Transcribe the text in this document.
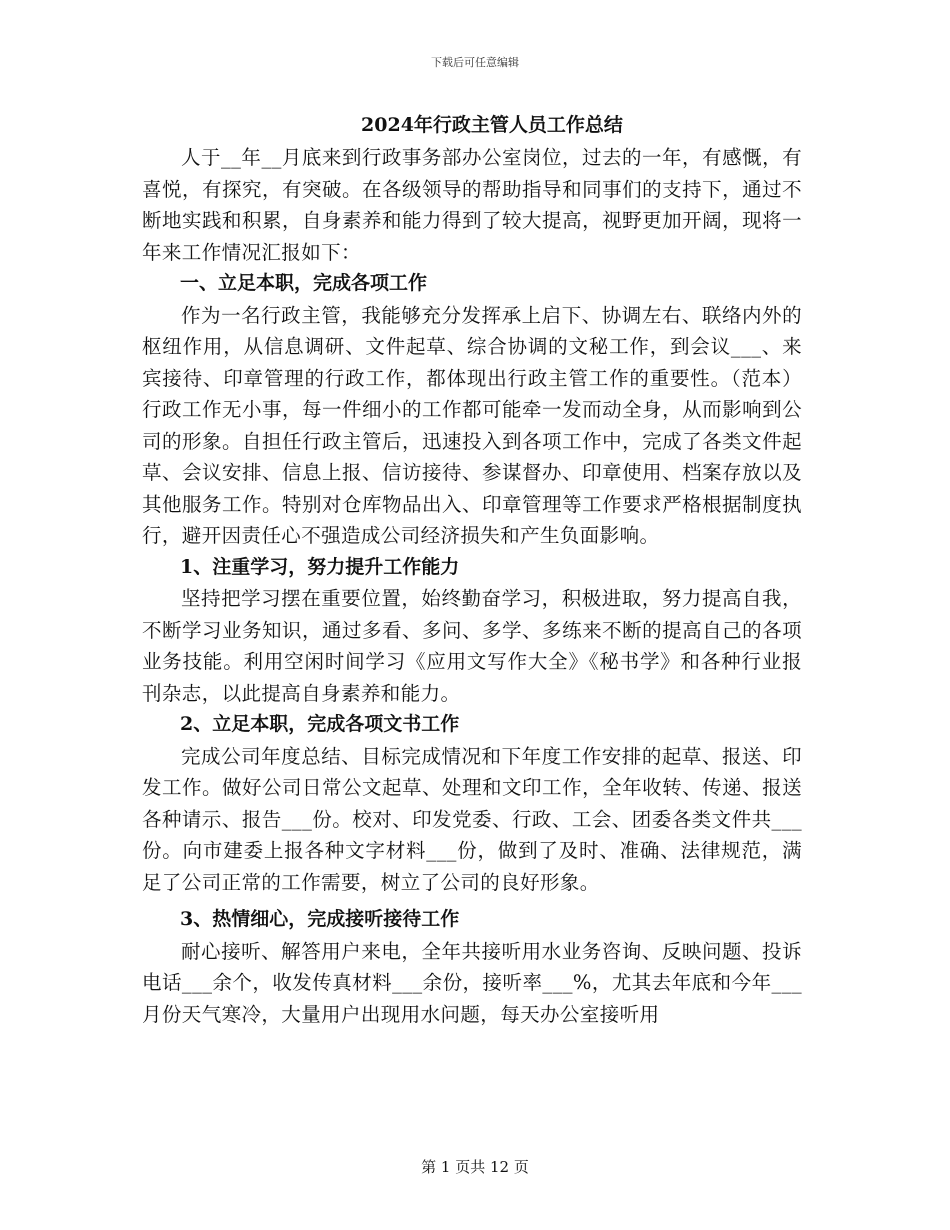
下载后可任意编辑
2024年行政主管人员工作总结

人于__年__月底来到行政事务部办公室岗位，过去的一年，有感慨，有喜悦，有探究，有突破。在各级领导的帮助指导和同事们的支持下，通过不断地实践和积累，自身素养和能力得到了较大提高，视野更加开阔，现将一年来工作情况汇报如下：

一、立足本职，完成各项工作

作为一名行政主管，我能够充分发挥承上启下、协调左右、联络内外的枢纽作用，从信息调研、文件起草、综合协调的文秘工作，到会议___、来宾接待、印章管理的行政工作，都体现出行政主管工作的重要性。（范本）行政工作无小事，每一件细小的工作都可能牵一发而动全身，从而影响到公司的形象。自担任行政主管后，迅速投入到各项工作中，完成了各类文件起草、会议安排、信息上报、信访接待、参谋督办、印章使用、档案存放以及其他服务工作。特别对仓库物品出入、印章管理等工作要求严格根据制度执行，避开因责任心不强造成公司经济损失和产生负面影响。

1、注重学习，努力提升工作能力

坚持把学习摆在重要位置，始终勤奋学习，积极进取，努力提高自我，不断学习业务知识，通过多看、多问、多学、多练来不断的提高自己的各项业务技能。利用空闲时间学习《应用文写作大全》《秘书学》和各种行业报刊杂志，以此提高自身素养和能力。

2、立足本职，完成各项文书工作

完成公司年度总结、目标完成情况和下年度工作安排的起草、报送、印发工作。做好公司日常公文起草、处理和文印工作，全年收转、传递、报送各种请示、报告___份。校对、印发党委、行政、工会、团委各类文件共___份。向市建委上报各种文字材料___份，做到了及时、准确、法律规范，满足了公司正常的工作需要，树立了公司的良好形象。

3、热情细心，完成接听接待工作

耐心接听、解答用户来电，全年共接听用水业务咨询、反映问题、投诉电话___余个，收发传真材料___余份，接听率___%，尤其去年底和今年___月份天气寒冷，大量用户出现用水问题，每天办公室接听用

第 1 页共 12 页
